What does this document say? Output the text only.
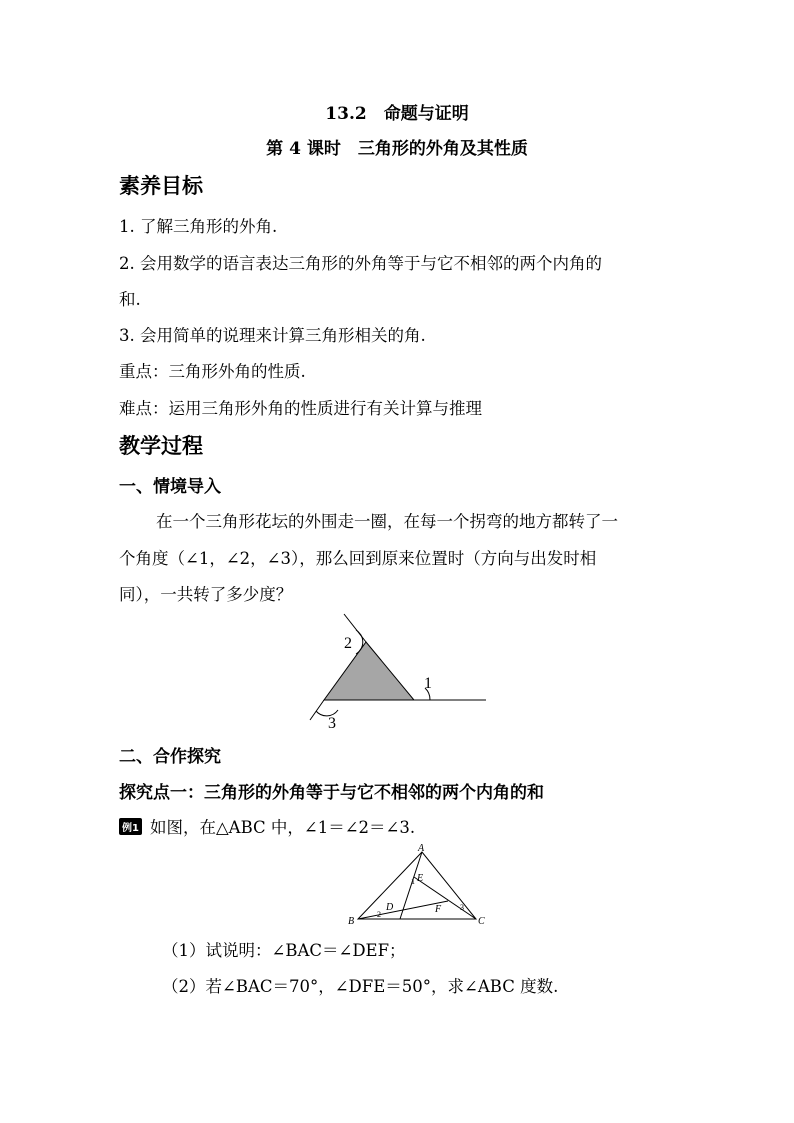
13.2　命题与证明
第 4 课时　三角形的外角及其性质
素养目标
1. 了解三角形的外角.
2. 会用数学的语言表达三角形的外角等于与它不相邻的两个内角的
和.
3. 会用简单的说理来计算三角形相关的角.
重点：三角形外角的性质.
难点：运用三角形外角的性质进行有关计算与推理
教学过程
一、情境导入
在一个三角形花坛的外围走一圈，在每一个拐弯的地方都转了一
个角度（∠1，∠2，∠3），那么回到原来位置时（方向与出发时相
同），一共转了多少度？
1
2
3
二、合作探究
探究点一：三角形的外角等于与它不相邻的两个内角的和
例1 如图，在△ABC 中，∠1＝∠2＝∠3.
A
B	C
D
E
F
1
2
3
（1）试说明：∠BAC＝∠DEF；
（2）若∠BAC＝70°，∠DFE＝50°，求∠ABC 度数.
